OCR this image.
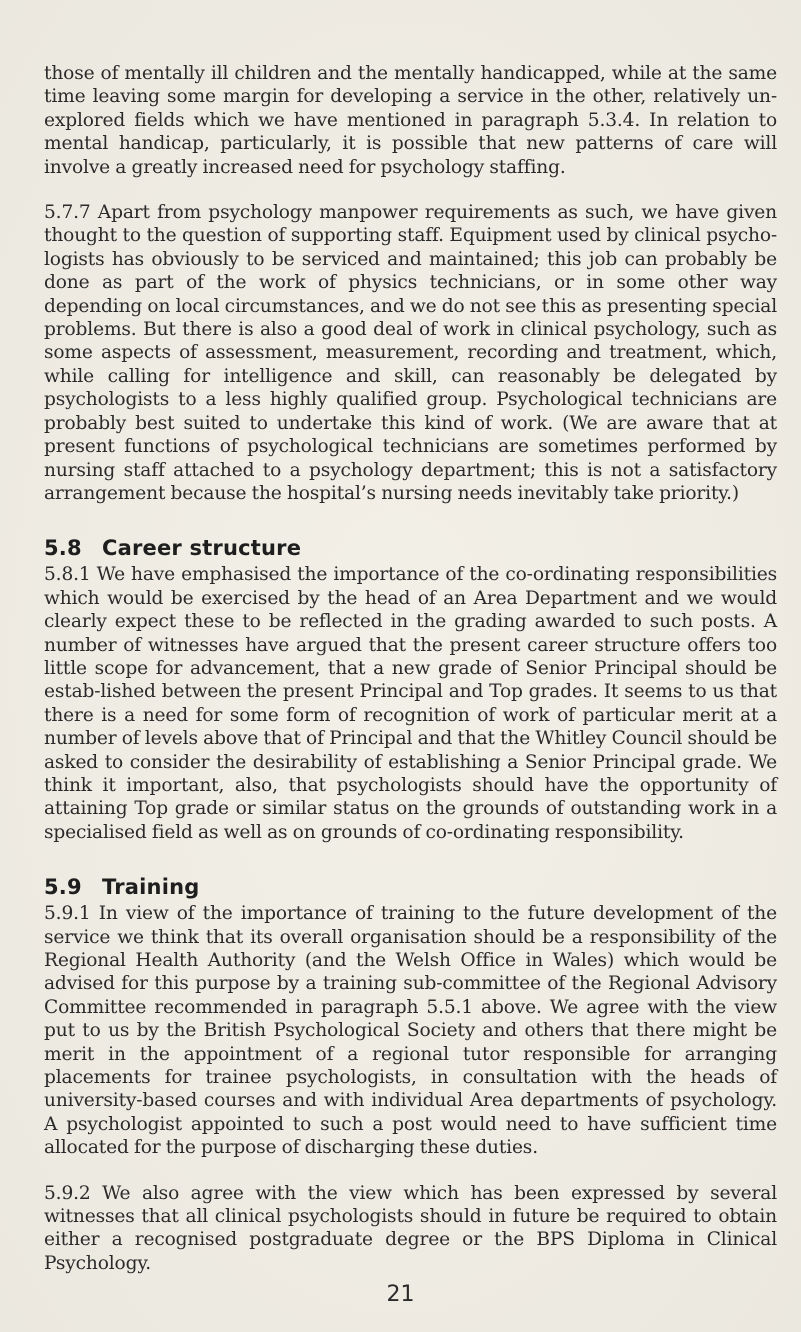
those of mentally ill children and the mentally handicapped, while at the same time leaving some margin for developing a service in the other, relatively un-explored fields which we have mentioned in paragraph 5.3.4. In relation to mental handicap, particularly, it is possible that new patterns of care will involve a greatly increased need for psychology staffing.

5.7.7 Apart from psychology manpower requirements as such, we have given thought to the question of supporting staff. Equipment used by clinical psycho-logists has obviously to be serviced and maintained; this job can probably be done as part of the work of physics technicians, or in some other way depending on local circumstances, and we do not see this as presenting special problems. But there is also a good deal of work in clinical psychology, such as some aspects of assessment, measurement, recording and treatment, which, while calling for intelligence and skill, can reasonably be delegated by psychologists to a less highly qualified group. Psychological technicians are probably best suited to undertake this kind of work. (We are aware that at present functions of psychological technicians are sometimes performed by nursing staff attached to a psychology department; this is not a satisfactory arrangement because the hospital’s nursing needs inevitably take priority.)

5.8 Career structure

5.8.1 We have emphasised the importance of the co-ordinating responsibilities which would be exercised by the head of an Area Department and we would clearly expect these to be reflected in the grading awarded to such posts. A number of witnesses have argued that the present career structure offers too little scope for advancement, that a new grade of Senior Principal should be estab-lished between the present Principal and Top grades. It seems to us that there is a need for some form of recognition of work of particular merit at a number of levels above that of Principal and that the Whitley Council should be asked to consider the desirability of establishing a Senior Principal grade. We think it important, also, that psychologists should have the opportunity of attaining Top grade or similar status on the grounds of outstanding work in a specialised field as well as on grounds of co-ordinating responsibility.

5.9 Training

5.9.1 In view of the importance of training to the future development of the service we think that its overall organisation should be a responsibility of the Regional Health Authority (and the Welsh Office in Wales) which would be advised for this purpose by a training sub-committee of the Regional Advisory Committee recommended in paragraph 5.5.1 above. We agree with the view put to us by the British Psychological Society and others that there might be merit in the appointment of a regional tutor responsible for arranging placements for trainee psychologists, in consultation with the heads of university-based courses and with individual Area departments of psychology. A psychologist appointed to such a post would need to have sufficient time allocated for the purpose of discharging these duties.

5.9.2 We also agree with the view which has been expressed by several witnesses that all clinical psychologists should in future be required to obtain either a recognised postgraduate degree or the BPS Diploma in Clinical Psychology.

21
